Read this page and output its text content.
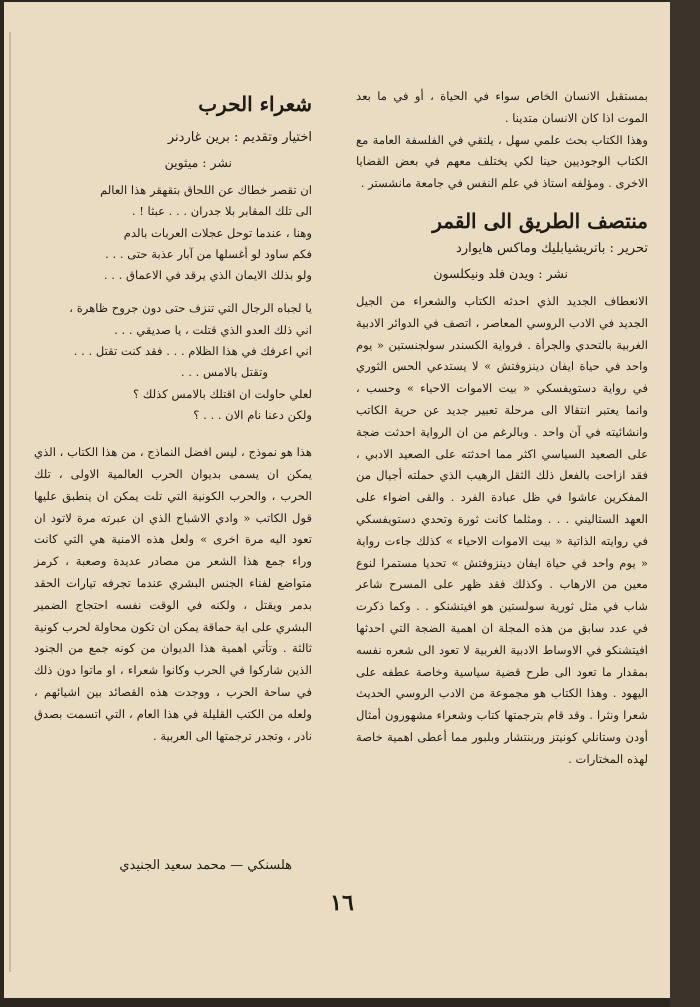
بمستقبل الانسان الخاص سواء في الحياة ، أو في ما بعد الموت اذا كان الانسان متدينا .

وهذا الكتاب بحث علمي سهل ، يلتقي في الفلسفة العامة مع الكتاب الوجوديين حينا لكي يختلف معهم في بعض القضايا الاخرى . ومؤلفه استاذ في علم النفس في جامعة مانشستر .

منتصف الطريق الى القمر
تحرير : باتريشيابليك وماكس هايوارد
نشر : ويدن فلد ونيكلسون

الانعطاف الجديد الذي احدثه الكتاب والشعراء من الجيل الجديد في الادب الروسي المعاصر ، اتصف في الدوائر الادبية الغربية بالتحدي والجرأة . فرواية الكسندر سولجنستين « يوم واحد في حياة ايفان دينزوفتش » لا يستدعي الحس الثوري في رواية دستويفسكي « بيت الاموات الاحياء » وحسب ، وانما يعتبر انتقالا الى مرحلة تعبير جديد عن حرية الكاتب وانشائيته في آن واحد . وبالرغم من ان الرواية احدثت ضجة على الصعيد السياسي اكثر مما احدثته على الصعيد الادبي ، فقد ازاحت بالفعل ذلك الثقل الرهيب الذي حملته أجيال من المفكرين عاشوا في ظل عبادة الفرد . والقى اضواء على العهد الستاليني . . . ومثلما كانت ثورة وتحدي دستويفسكي في روايته الذاتية « بيت الاموات الاحياء » كذلك جاءت رواية « يوم واحد في حياة ايفان دينزوفتش » تحديا مستمرا لنوع معين من الارهاب . وكذلك فقد ظهر على المسرح شاعر شاب في مثل ثورية سولستين هو افيتشنكو . . وكما ذكرت في عدد سابق من هذه المجلة ان اهمية الضجة التي احدثها افيتشنكو في الاوساط الادبية الغربية لا تعود الى شعره نفسه بمقدار ما تعود الى طرح قضية سياسية وخاصة عطفه على اليهود . وهذا الكتاب هو مجموعة من الادب الروسي الحديث شعرا ونثرا . وقد قام بترجمتها كتاب وشعراء مشهورون أمثال أودن وستانلي كونيتز وربنتشار وبلبور مما أعطى اهمية خاصة لهذه المختارات .

شعراء الحرب
اختيار وتقديم : برين غاردنر
نشر : ميثوين

ان تقصر خطاك عن اللحاق بتقهقر هذا العالم

الى تلك المقابر بلا جدران . . . عبثا ! .

وهنا ، عندما توحل عجلات العربات بالدم

فكم ساود لو أغسلها من آبار عذبة حتى . . .

ولو بذلك الايمان الذي يرقد في الاعماق . . .

يا لجباه الرجال التي تنزف حتى دون جروح ظاهرة ،

اني ذلك العدو الذي قتلت ، يا صديقي . . .

اني اعرفك في هذا الظلام . . . فقد كنت تقتل . . .

وتقتل بالامس . . .

لعلي حاولت ان اقتلك بالامس كذلك ؟

ولكن دعنا نام الان . . . ؟

هذا هو نموذج ، ليس افضل النماذج ، من هذا الكتاب ، الذي يمكن ان يسمى بديوان الحرب العالمية الاولى ، تلك الحرب ، والحرب الكونية التي تلت يمكن ان ينطبق عليها قول الكاتب « وادي الاشباح الذي ان عبرته مرة لاتود ان تعود اليه مرة اخرى » ولعل هذه الامنية هي التي كانت وراء جمع هذا الشعر من مصادر عديدة وصعبة ، كرمز متواضع لفناء الجنس البشري عندما تجرفه تيارات الحقد بدمر ويقتل ، ولكنه في الوقت نفسه احتجاج الضمير البشري على اية حماقة يمكن ان تكون محاولة لحرب كونية ثالثة . وتأتي اهمية هذا الديوان من كونه جمع من الجنود الذين شاركوا في الحرب وكانوا شعراء ، او ماتوا دون ذلك في ساحة الحرب ، ووجدت هذه القصائد بين اشيائهم ، ولعله من الكتب القليلة في هذا العام ، التي اتسمت بصدق نادر ، وتجدر ترجمتها الى العربية .

هلسنكي — محمد سعيد الجنيدي
١٦
